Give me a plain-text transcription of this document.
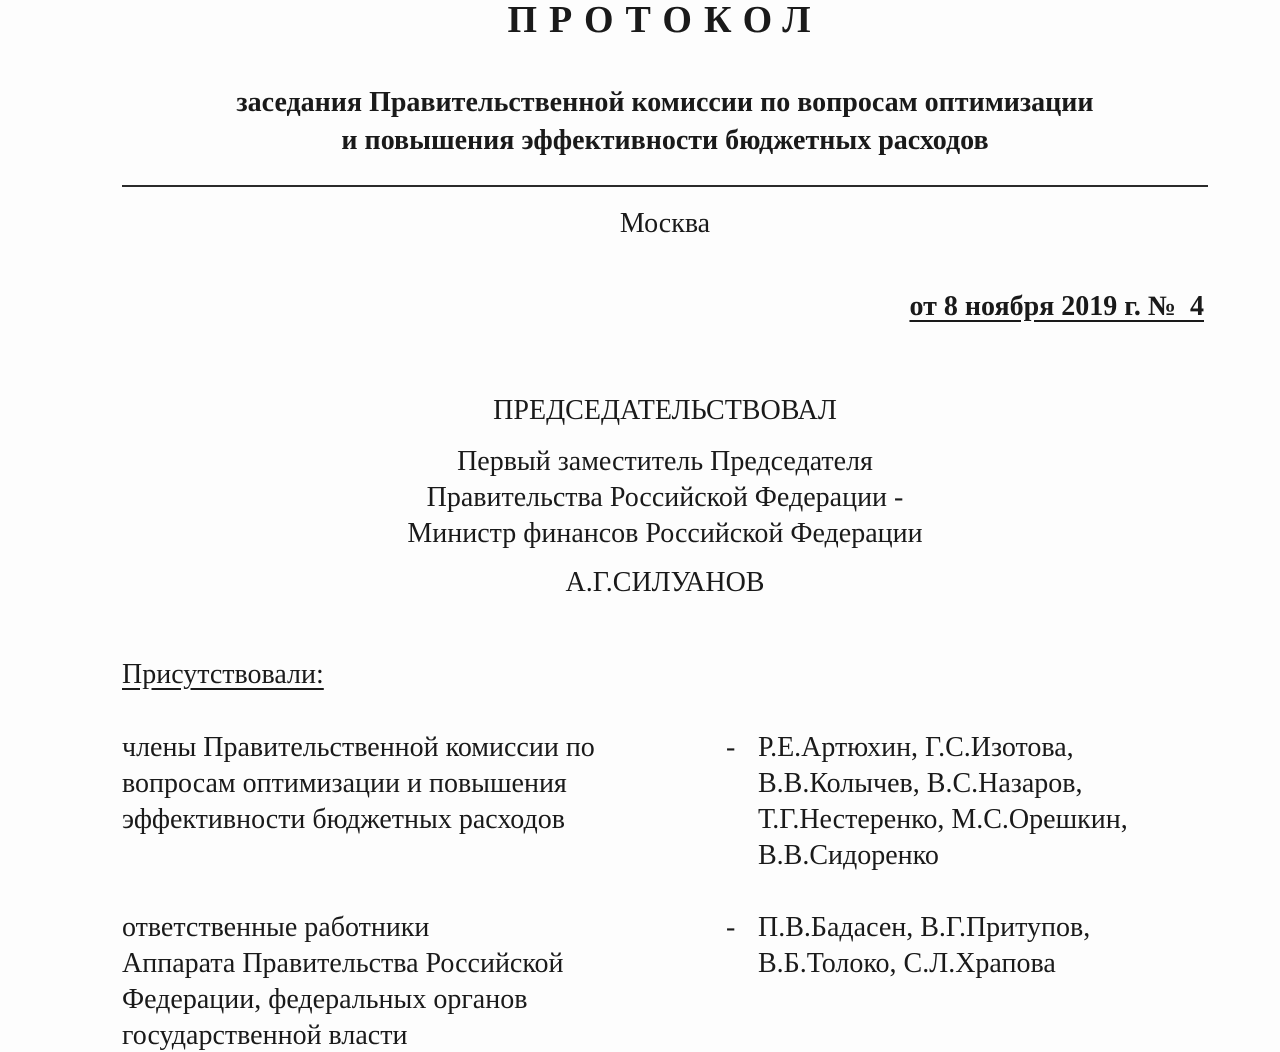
ПРОТОКОЛ
заседания Правительственной комиссии по вопросам оптимизации
и повышения эффективности бюджетных расходов
Москва
от 8 ноября 2019 г. №  4
ПРЕДСЕДАТЕЛЬСТВОВАЛ
Первый заместитель Председателя
Правительства Российской Федерации -
Министр финансов Российской Федерации
А.Г.СИЛУАНОВ
Присутствовали:
члены Правительственной комиссии по
вопросам оптимизации и повышения
эффективности бюджетных расходов
- Р.Е.Артюхин, Г.С.Изотова,
В.В.Колычев, В.С.Назаров,
Т.Г.Нестеренко, М.С.Орешкин,
В.В.Сидоренко
ответственные работники
Аппарата Правительства Российской
Федерации, федеральных органов
государственной власти
- П.В.Бадасен, В.Г.Притупов,
В.Б.Толоко, С.Л.Храпова
